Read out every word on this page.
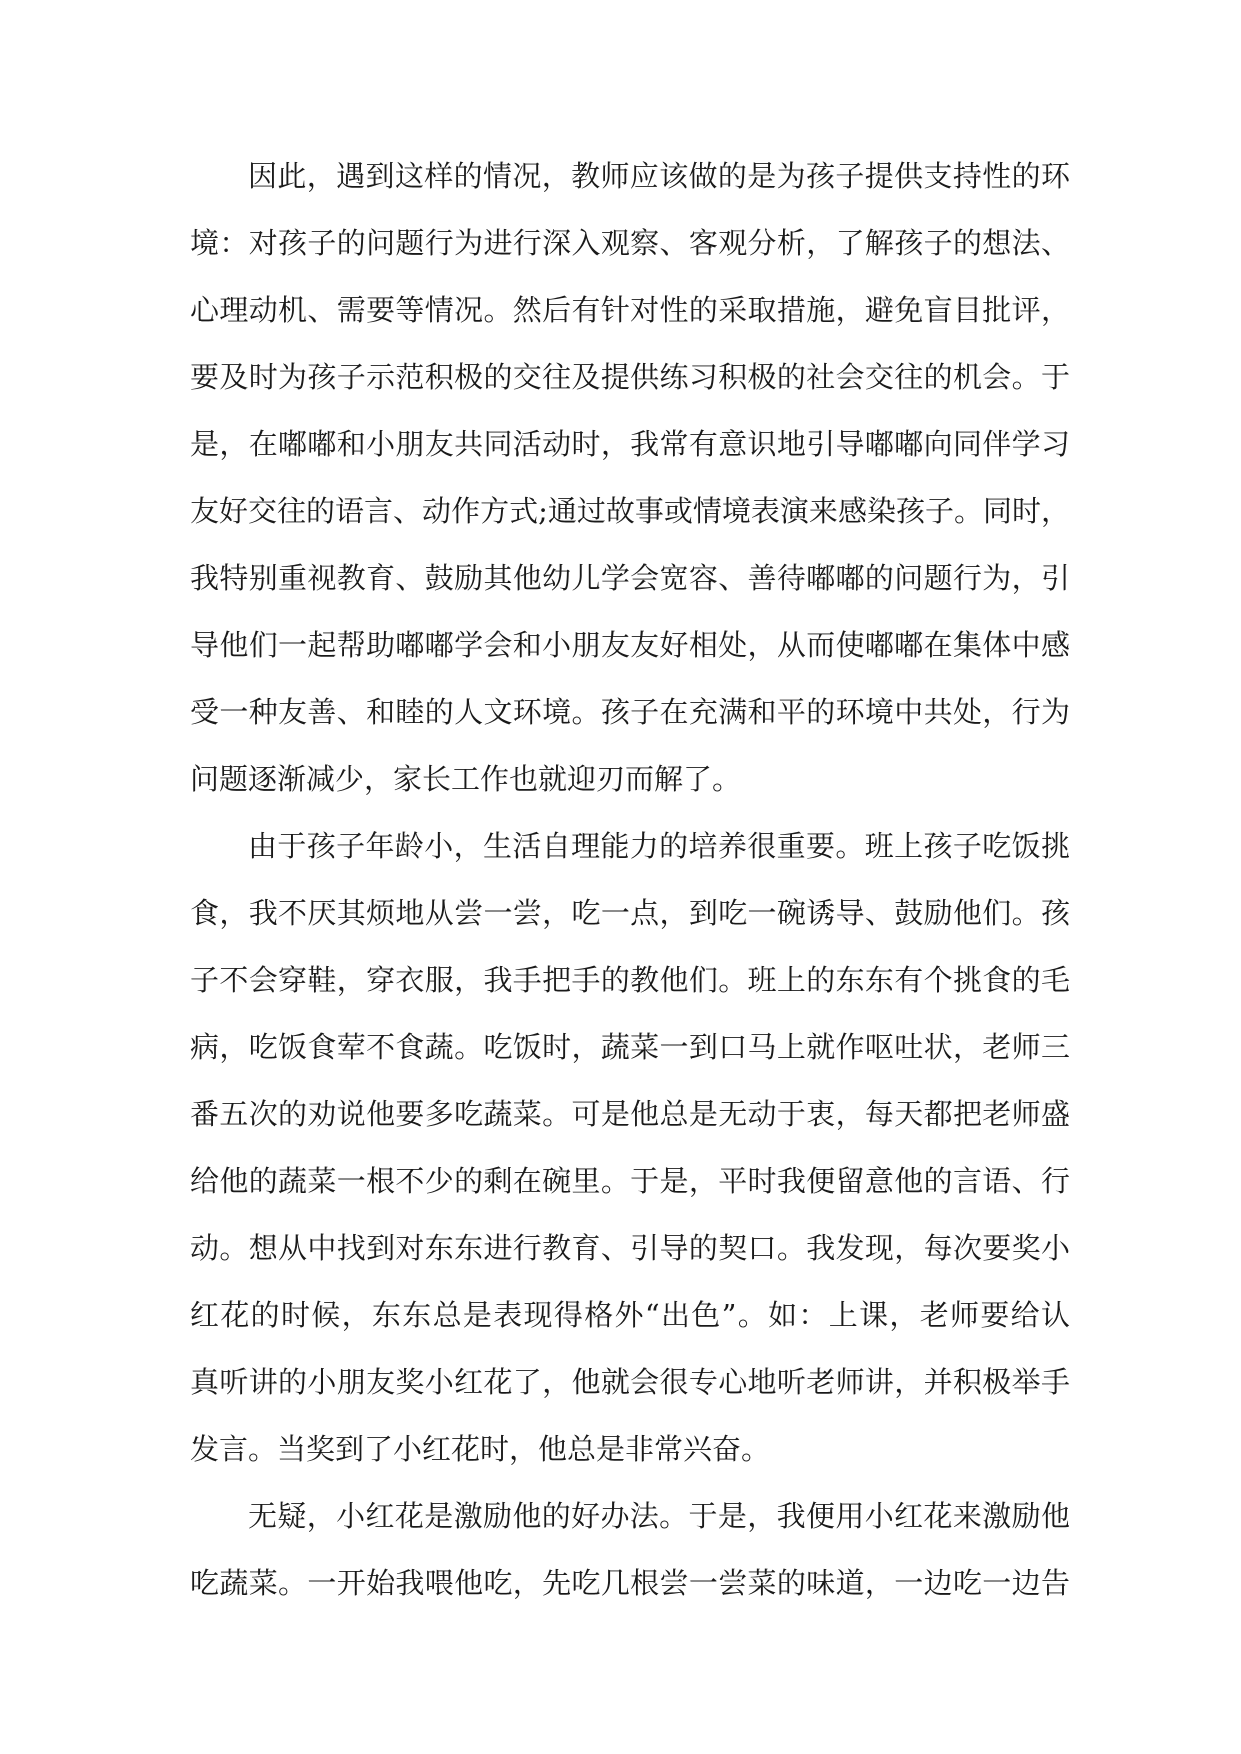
因此，遇到这样的情况，教师应该做的是为孩子提供支持性的环
境：对孩子的问题行为进行深入观察、客观分析，了解孩子的想法、
心理动机、需要等情况。然后有针对性的采取措施，避免盲目批评，
要及时为孩子示范积极的交往及提供练习积极的社会交往的机会。于
是，在嘟嘟和小朋友共同活动时，我常有意识地引导嘟嘟向同伴学习
友好交往的语言、动作方式;通过故事或情境表演来感染孩子。同时，
我特别重视教育、鼓励其他幼儿学会宽容、善待嘟嘟的问题行为，引
导他们一起帮助嘟嘟学会和小朋友友好相处，从而使嘟嘟在集体中感
受一种友善、和睦的人文环境。孩子在充满和平的环境中共处，行为
问题逐渐减少，家长工作也就迎刃而解了。
由于孩子年龄小，生活自理能力的培养很重要。班上孩子吃饭挑
食，我不厌其烦地从尝一尝，吃一点，到吃一碗诱导、鼓励他们。孩
子不会穿鞋，穿衣服，我手把手的教他们。班上的东东有个挑食的毛
病，吃饭食荤不食蔬。吃饭时，蔬菜一到口马上就作呕吐状，老师三
番五次的劝说他要多吃蔬菜。可是他总是无动于衷，每天都把老师盛
给他的蔬菜一根不少的剩在碗里。于是，平时我便留意他的言语、行
动。想从中找到对东东进行教育、引导的契口。我发现，每次要奖小
红花的时候，东东总是表现得格外“出色”。如：上课，老师要给认
真听讲的小朋友奖小红花了，他就会很专心地听老师讲，并积极举手
发言。当奖到了小红花时，他总是非常兴奋。
无疑，小红花是激励他的好办法。于是，我便用小红花来激励他
吃蔬菜。一开始我喂他吃，先吃几根尝一尝菜的味道，一边吃一边告
